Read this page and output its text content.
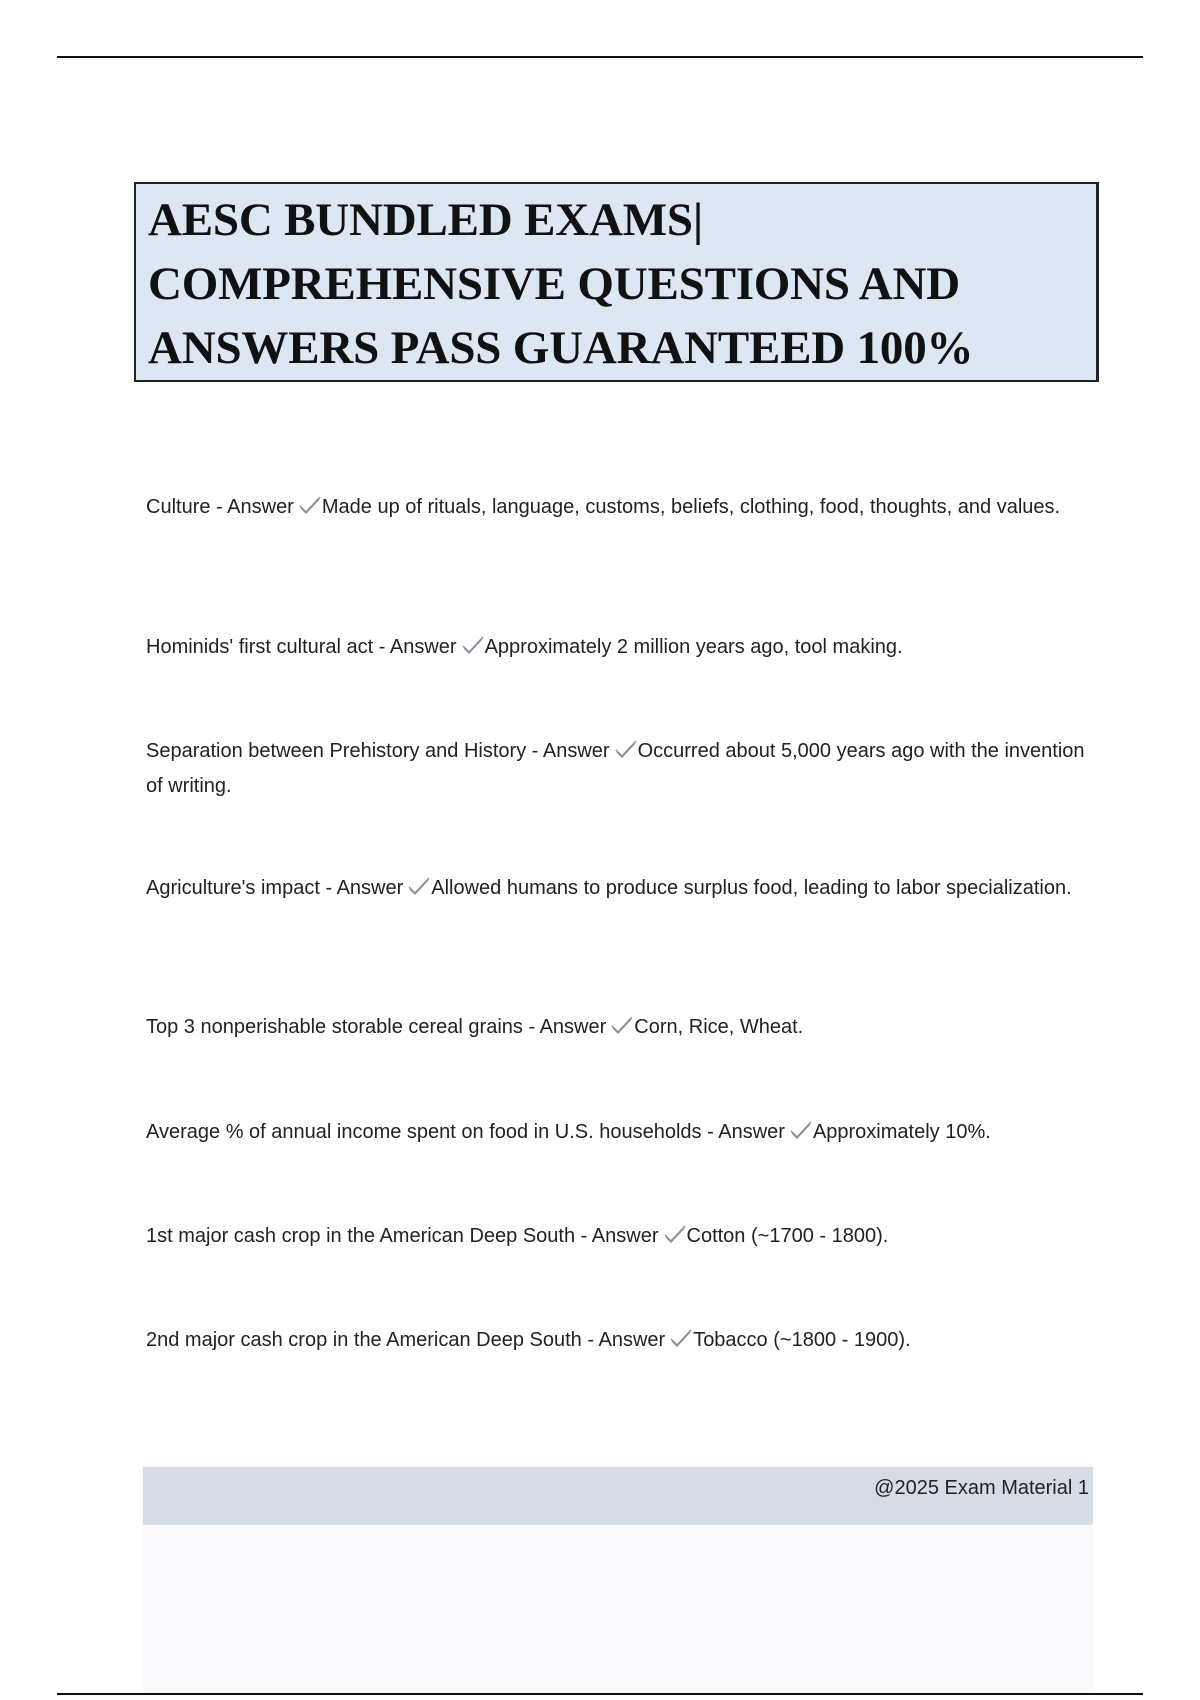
AESC BUNDLED EXAMS|
COMPREHENSIVE QUESTIONS AND
ANSWERS PASS GUARANTEED 100%
Culture - Answer Made up of rituals, language, customs, beliefs, clothing, food, thoughts, and values.
Hominids' first cultural act - Answer Approximately 2 million years ago, tool making.
Separation between Prehistory and History - Answer Occurred about 5,000 years ago with the invention of writing.
Agriculture's impact - Answer Allowed humans to produce surplus food, leading to labor specialization.
Top 3 nonperishable storable cereal grains - Answer Corn, Rice, Wheat.
Average % of annual income spent on food in U.S. households - Answer Approximately 10%.
1st major cash crop in the American Deep South - Answer Cotton (~1700 - 1800).
2nd major cash crop in the American Deep South - Answer Tobacco (~1800 - 1900).
@2025 Exam Material 1
